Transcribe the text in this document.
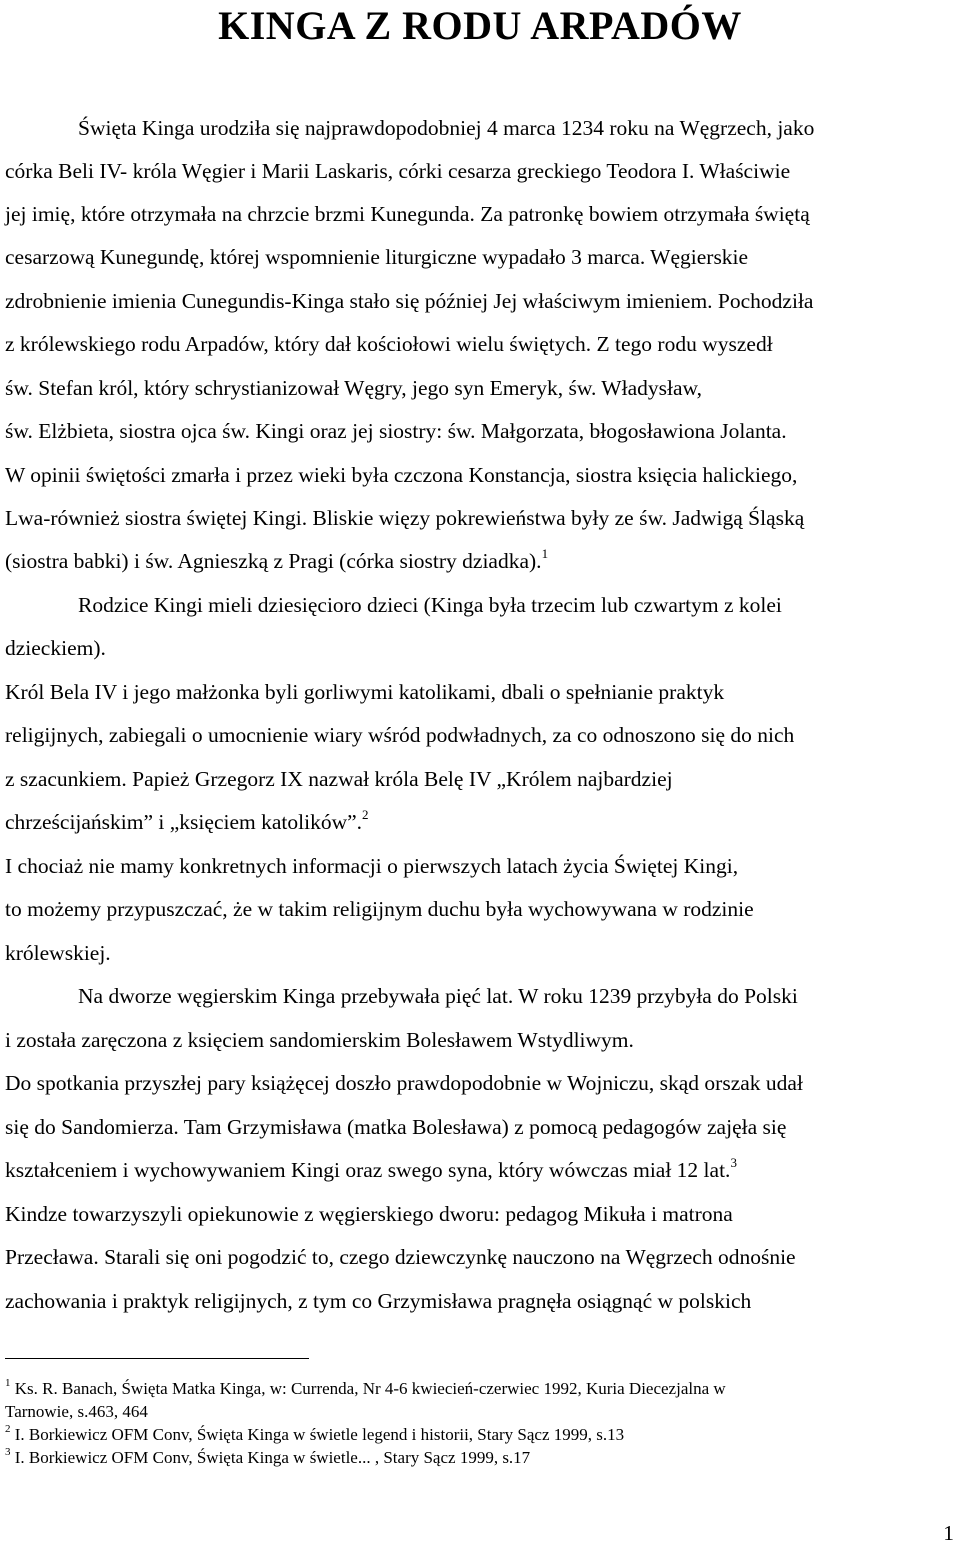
KINGA Z RODU ARPADÓW

Święta Kinga urodziła się najprawdopodobniej 4 marca 1234 roku na Węgrzech, jako

córka Beli IV- króla Węgier i Marii Laskaris, córki cesarza greckiego Teodora I. Właściwie

jej imię, które otrzymała na chrzcie brzmi Kunegunda. Za patronkę bowiem otrzymała świętą

cesarzową Kunegundę, której wspomnienie liturgiczne wypadało 3 marca. Węgierskie

zdrobnienie imienia Cunegundis-Kinga stało się później Jej właściwym imieniem. Pochodziła

z królewskiego rodu Arpadów, który dał kościołowi wielu świętych. Z tego rodu wyszedł

św. Stefan król, który schrystianizował Węgry, jego syn Emeryk, św. Władysław,

św. Elżbieta, siostra ojca św. Kingi oraz jej siostry: św. Małgorzata, błogosławiona Jolanta.

W opinii świętości zmarła i przez wieki była czczona Konstancja, siostra księcia halickiego,

Lwa-również siostra świętej Kingi. Bliskie więzy pokrewieństwa były ze św. Jadwigą Śląską

(siostra babki) i św. Agnieszką z Pragi (córka siostry dziadka).$^1$

Rodzice Kingi mieli dziesięcioro dzieci (Kinga była trzecim lub czwartym z kolei

dzieckiem).

Król Bela IV i jego małżonka byli gorliwymi katolikami, dbali o spełnianie praktyk

religijnych, zabiegali o umocnienie wiary wśród podwładnych, za co odnoszono się do nich

z szacunkiem. Papież Grzegorz IX nazwał króla Belę IV „Królem najbardziej

chrześcijańskim” i „księciem katolików”.$^2$

I chociaż nie mamy konkretnych informacji o pierwszych latach życia Świętej Kingi,

to możemy przypuszczać, że w takim religijnym duchu była wychowywana w rodzinie

królewskiej.

Na dworze węgierskim Kinga przebywała pięć lat. W roku 1239 przybyła do Polski

i została zaręczona z księciem sandomierskim Bolesławem Wstydliwym.

Do spotkania przyszłej pary książęcej doszło prawdopodobnie w Wojniczu, skąd orszak udał

się do Sandomierza. Tam Grzymisława (matka Bolesława) z pomocą pedagogów zajęła się

kształceniem i wychowywaniem Kingi oraz swego syna, który wówczas miał 12 lat.$^3$

Kindze towarzyszyli opiekunowie z węgierskiego dworu: pedagog Mikuła i matrona

Przecława. Starali się oni pogodzić to, czego dziewczynkę nauczono na Węgrzech odnośnie

zachowania i praktyk religijnych, z tym co Grzymisława pragnęła osiągnąć w polskich

$^1$ Ks. R. Banach, Święta Matka Kinga, w: Currenda, Nr 4-6 kwiecień-czerwiec 1992, Kuria Diecezjalna w

Tarnowie, s.463, 464

$^2$ I. Borkiewicz OFM Conv, Święta Kinga w świetle legend i historii, Stary Sącz 1999, s.13

$^3$ I. Borkiewicz OFM Conv, Święta Kinga w świetle... , Stary Sącz 1999, s.17

1
